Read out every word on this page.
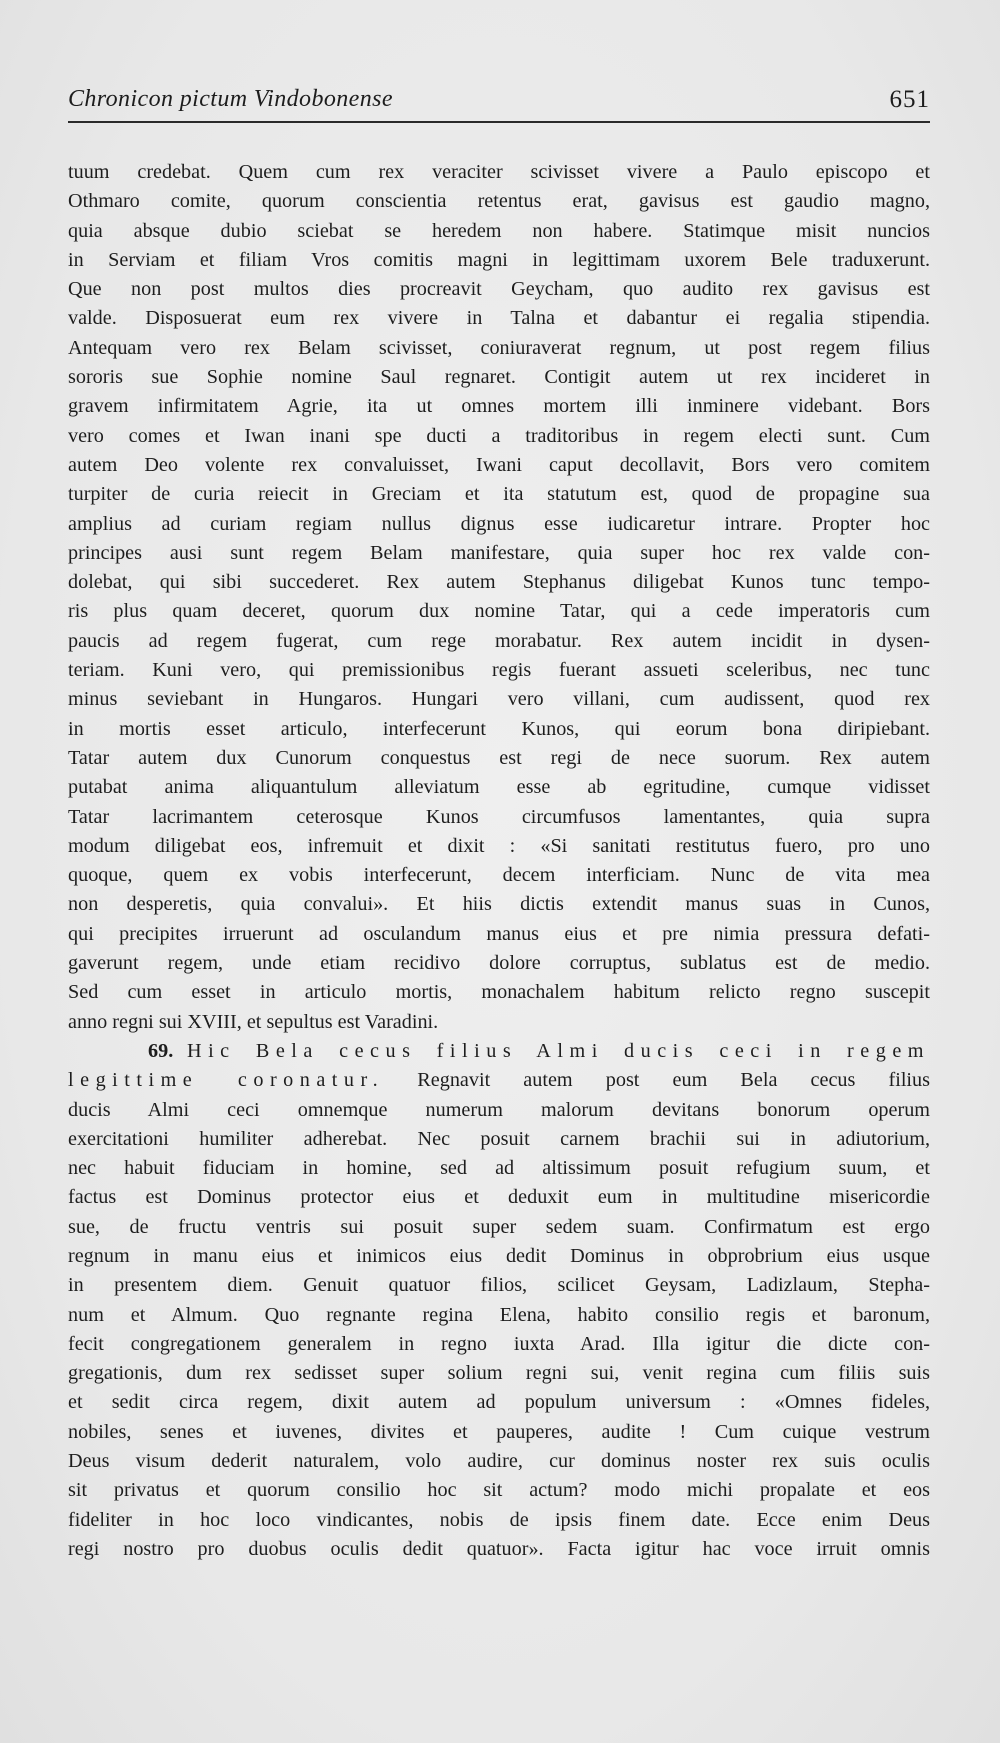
Chronicon pictum Vindobonense	651
tuum credebat. Quem cum rex veraciter scivisset vivere a Paulo episcopo et
Othmaro comite, quorum conscientia retentus erat, gavisus est gaudio magno,
quia absque dubio sciebat se heredem non habere. Statimque misit nuncios
in Serviam et filiam Vros comitis magni in legittimam uxorem Bele traduxerunt.
Que non post multos dies procreavit Geycham, quo audito rex gavisus est
valde. Disposuerat eum rex vivere in Talna et dabantur ei regalia stipendia.
Antequam vero rex Belam scivisset, coniuraverat regnum, ut post regem filius
sororis sue Sophie nomine Saul regnaret. Contigit autem ut rex incideret in
gravem infirmitatem Agrie, ita ut omnes mortem illi inminere videbant. Bors
vero comes et Iwan inani spe ducti a traditoribus in regem electi sunt. Cum
autem Deo volente rex convaluisset, Iwani caput decollavit, Bors vero comitem
turpiter de curia reiecit in Greciam et ita statutum est, quod de propagine sua
amplius ad curiam regiam nullus dignus esse iudicaretur intrare. Propter hoc
principes ausi sunt regem Belam manifestare, quia super hoc rex valde con-
dolebat, qui sibi succederet. Rex autem Stephanus diligebat Kunos tunc tempo-
ris plus quam deceret, quorum dux nomine Tatar, qui a cede imperatoris cum
paucis ad regem fugerat, cum rege morabatur. Rex autem incidit in dysen-
teriam. Kuni vero, qui premissionibus regis fuerant assueti sceleribus, nec tunc
minus seviebant in Hungaros. Hungari vero villani, cum audissent, quod rex
in mortis esset articulo, interfecerunt Kunos, qui eorum bona diripiebant.
Tatar autem dux Cunorum conquestus est regi de nece suorum. Rex autem
putabat anima aliquantulum alleviatum esse ab egritudine, cumque vidisset
Tatar lacrimantem ceterosque Kunos circumfusos lamentantes, quia supra
modum diligebat eos, infremuit et dixit : «Si sanitati restitutus fuero, pro uno
quoque, quem ex vobis interfecerunt, decem interficiam. Nunc de vita mea
non desperetis, quia convalui». Et hiis dictis extendit manus suas in Cunos,
qui precipites irruerunt ad osculandum manus eius et pre nimia pressura defati-
gaverunt regem, unde etiam recidivo dolore corruptus, sublatus est de medio.
Sed cum esset in articulo mortis, monachalem habitum relicto regno suscepit
anno regni sui XVIII, et sepultus est Varadini.
69. Hic Bela cecus filius Almi ducis ceci in regem
legittime coronatur. Regnavit autem post eum Bela cecus filius
ducis Almi ceci omnemque numerum malorum devitans bonorum operum
exercitationi humiliter adherebat. Nec posuit carnem brachii sui in adiutorium,
nec habuit fiduciam in homine, sed ad altissimum posuit refugium suum, et
factus est Dominus protector eius et deduxit eum in multitudine misericordie
sue, de fructu ventris sui posuit super sedem suam. Confirmatum est ergo
regnum in manu eius et inimicos eius dedit Dominus in obprobrium eius usque
in presentem diem. Genuit quatuor filios, scilicet Geysam, Ladizlaum, Stepha-
num et Almum. Quo regnante regina Elena, habito consilio regis et baronum,
fecit congregationem generalem in regno iuxta Arad. Illa igitur die dicte con-
gregationis, dum rex sedisset super solium regni sui, venit regina cum filiis suis
et sedit circa regem, dixit autem ad populum universum : «Omnes fideles,
nobiles, senes et iuvenes, divites et pauperes, audite ! Cum cuique vestrum
Deus visum dederit naturalem, volo audire, cur dominus noster rex suis oculis
sit privatus et quorum consilio hoc sit actum? modo michi propalate et eos
fideliter in hoc loco vindicantes, nobis de ipsis finem date. Ecce enim Deus
regi nostro pro duobus oculis dedit quatuor». Facta igitur hac voce irruit omnis
